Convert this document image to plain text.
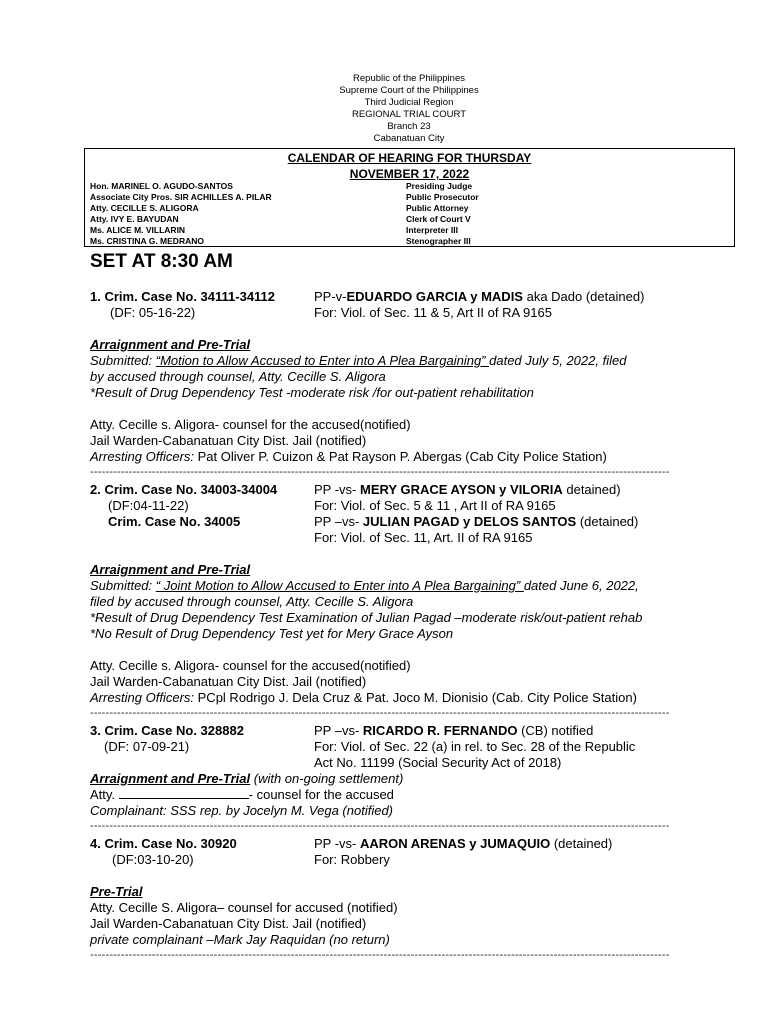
Republic of the Philippines
Supreme Court of the Philippines
Third Judicial Region
REGIONAL TRIAL COURT
Branch 23
Cabanatuan City
CALENDAR OF HEARING FOR THURSDAY
NOVEMBER 17, 2022
Hon. MARINEL O. AGUDO-SANTOS	Presiding Judge
Associate City Pros. SIR ACHILLES A. PILAR	Public Prosecutor
Atty. CECILLE S. ALIGORA	Public Attorney
Atty. IVY E. BAYUDAN	Clerk of Court V
Ms. ALICE M. VILLARIN	Interpreter III
Ms. CRISTINA G. MEDRANO	Stenographer III
SET AT 8:30 AM
1. Crim. Case No. 34111-34112	PP-v-EDUARDO GARCIA y MADIS aka Dado (detained)
(DF: 05-16-22)	For: Viol. of Sec. 11 & 5, Art II of RA 9165
Arraignment and Pre-Trial
Submitted: “Motion to Allow Accused to Enter into A Plea Bargaining” dated July 5, 2022, filed
by accused through counsel, Atty. Cecille S. Aligora
*Result of Drug Dependency Test -moderate risk /for out-patient rehabilitation
Atty. Cecille s. Aligora- counsel for the accused(notified)
Jail Warden-Cabanatuan City Dist. Jail (notified)
Arresting Officers: Pat Oliver P. Cuizon & Pat Rayson P. Abergas (Cab City Police Station)
------------------------------------------------------------------------------------------------------------------------------------------------------
2. Crim. Case No. 34003-34004	PP -vs- MERY GRACE AYSON y VILORIA detained)
(DF:04-11-22)	For: Viol. of Sec. 5 & 11 , Art II of RA 9165
Crim. Case No. 34005	PP –vs- JULIAN PAGAD y DELOS SANTOS (detained)
For: Viol. of Sec. 11, Art. II of RA 9165
Arraignment and Pre-Trial
Submitted: “ Joint Motion to Allow Accused to Enter into A Plea Bargaining” dated June 6, 2022,
filed by accused through counsel, Atty. Cecille S. Aligora
*Result of Drug Dependency Test Examination of Julian Pagad –moderate risk/out-patient rehab
*No Result of Drug Dependency Test yet for Mery Grace Ayson
Atty. Cecille s. Aligora- counsel for the accused(notified)
Jail Warden-Cabanatuan City Dist. Jail (notified)
Arresting Officers: PCpl Rodrigo J. Dela Cruz & Pat. Joco M. Dionisio (Cab. City Police Station)
------------------------------------------------------------------------------------------------------------------------------------------------------
3. Crim. Case No. 328882	PP –vs- RICARDO R. FERNANDO (CB) notified
(DF: 07-09-21)	For: Viol. of Sec. 22 (a) in rel. to Sec. 28 of the Republic
Act No. 11199 (Social Security Act of 2018)
Arraignment and Pre-Trial (with on-going settlement)
Atty.	- counsel for the accused
Complainant: SSS rep. by Jocelyn M. Vega (notified)
------------------------------------------------------------------------------------------------------------------------------------------------------
4. Crim. Case No. 30920	PP -vs- AARON ARENAS y JUMAQUIO (detained)
(DF:03-10-20)	For: Robbery
Pre-Trial
Atty. Cecille S. Aligora– counsel for accused (notified)
Jail Warden-Cabanatuan City Dist. Jail (notified)
private complainant –Mark Jay Raquidan (no return)
------------------------------------------------------------------------------------------------------------------------------------------------------
